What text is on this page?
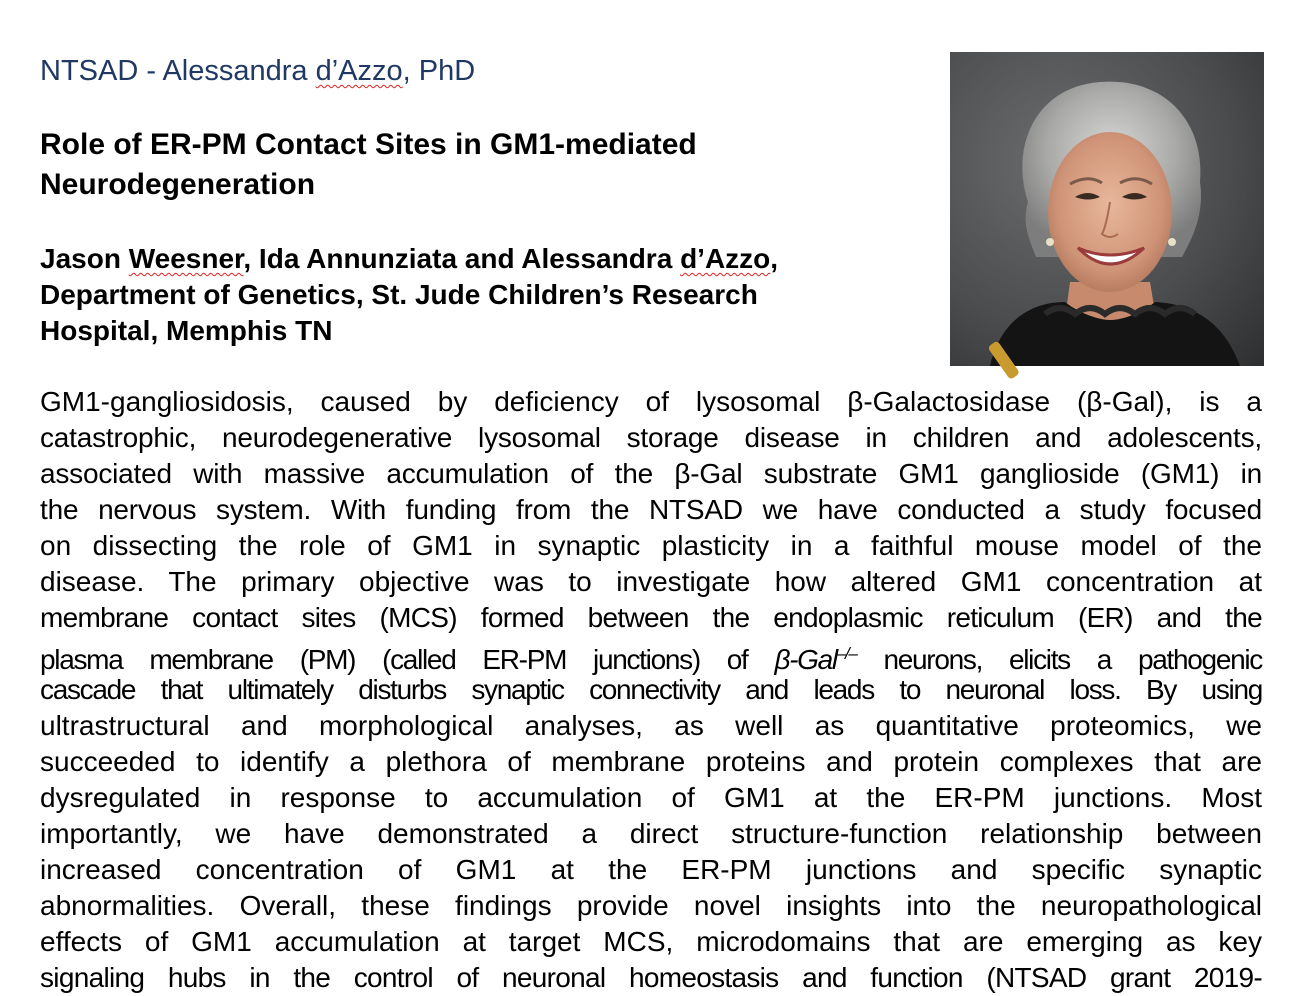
NTSAD - Alessandra d’Azzo, PhD
Role of ER-PM Contact Sites in GM1-mediated
Neurodegeneration
Jason Weesner, Ida Annunziata and Alessandra d’Azzo,
Department of Genetics, St. Jude Children’s Research
Hospital, Memphis TN
GM1-gangliosidosis, caused by deficiency of lysosomal β-Galactosidase (β-Gal), is a
catastrophic, neurodegenerative lysosomal storage disease in children and adolescents,
associated with massive accumulation of the β-Gal substrate GM1 ganglioside (GM1) in
the nervous system. With funding from the NTSAD we have conducted a study focused
on dissecting the role of GM1 in synaptic plasticity in a faithful mouse model of the
disease. The primary objective was to investigate how altered GM1 concentration at
membrane contact sites (MCS) formed between the endoplasmic reticulum (ER) and the
plasma membrane (PM) (called ER-PM junctions) of β-Gal–/– neurons, elicits a pathogenic
cascade that ultimately disturbs synaptic connectivity and leads to neuronal loss. By using
ultrastructural and morphological analyses, as well as quantitative proteomics, we
succeeded to identify a plethora of membrane proteins and protein complexes that are
dysregulated in response to accumulation of GM1 at the ER-PM junctions. Most
importantly, we have demonstrated a direct structure-function relationship between
increased concentration of GM1 at the ER-PM junctions and specific synaptic
abnormalities. Overall, these findings provide novel insights into the neuropathological
effects of GM1 accumulation at target MCS, microdomains that are emerging as key
signaling hubs in the control of neuronal homeostasis and function (NTSAD grant 2019-
